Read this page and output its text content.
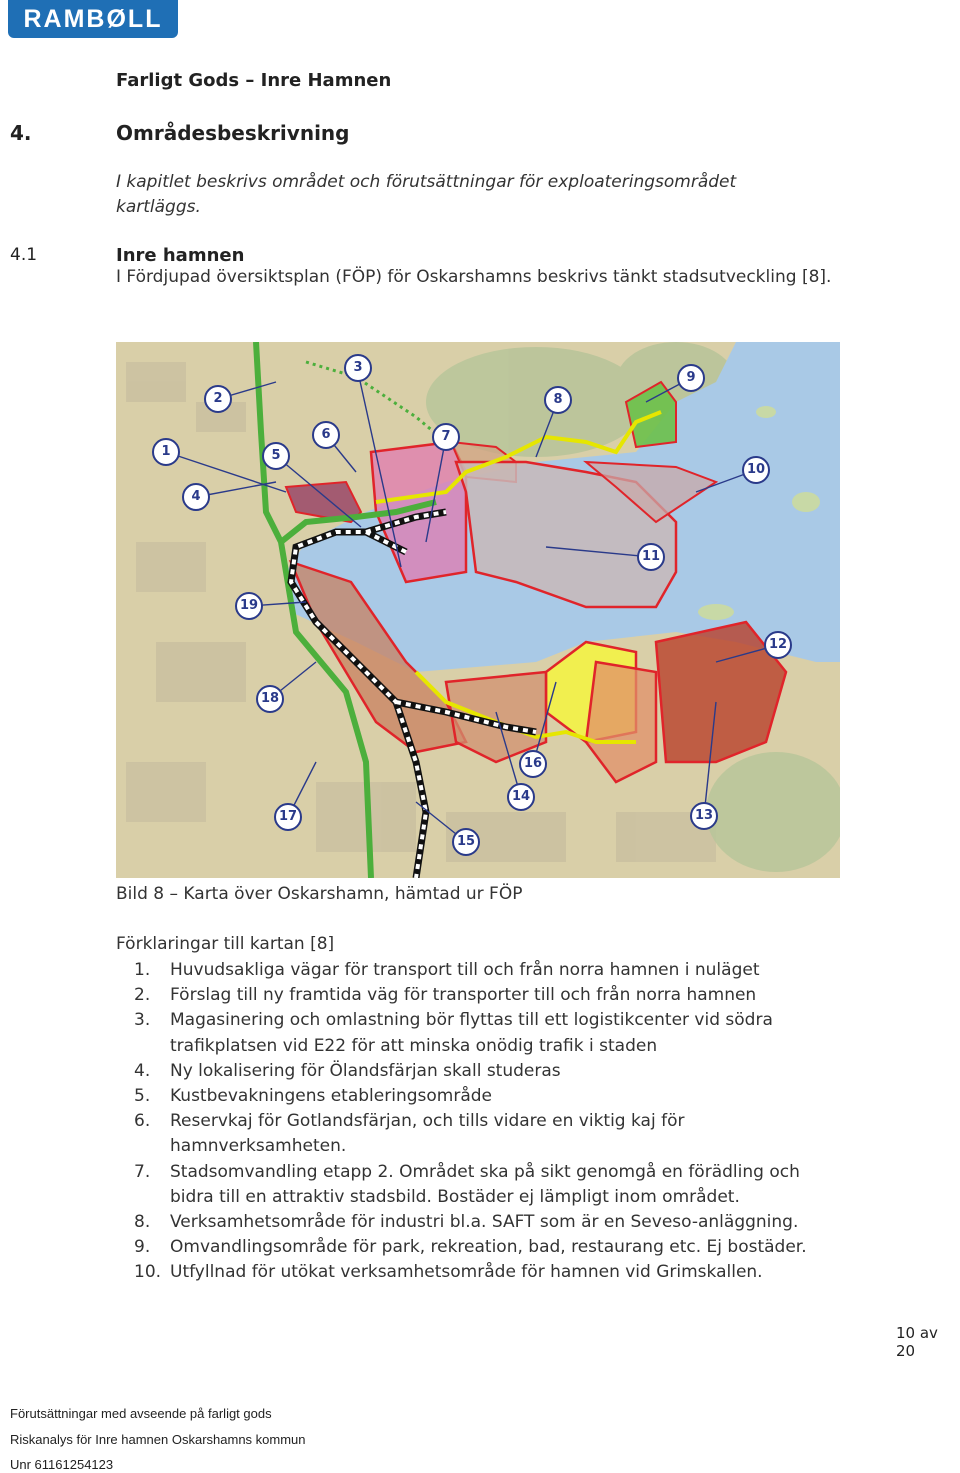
RAMBØLL
Farligt Gods – Inre Hamnen
4.	Områdesbeskrivning
I kapitlet beskrivs området och förutsättningar för exploateringsområdet kartläggs.
4.1	Inre hamnen
I Fördjupad översiktsplan (FÖP) för Oskarshamns beskrivs tänkt stadsutveckling [8].
1
2
3
4
5
6	7
8
9
10
11
12
13
14
15
16
17
18
19
Bild 8 – Karta över Oskarshamn, hämtad ur FÖP
Förklaringar till kartan [8]
1.	Huvudsakliga vägar för transport till och från norra hamnen i nuläget
2.	Förslag till ny framtida väg för transporter till och från norra hamnen
3.	Magasinering och omlastning bör flyttas till ett logistikcenter vid södra trafikplatsen vid E22 för att minska onödig trafik i staden
4.	Ny lokalisering för Ölandsfärjan skall studeras
5.	Kustbevakningens etableringsområde
6.	Reservkaj för Gotlandsfärjan, och tills vidare en viktig kaj för hamnverksamheten.
7.	Stadsomvandling etapp 2. Området ska på sikt genomgå en förädling och bidra till en attraktiv stadsbild. Bostäder ej lämpligt inom området.
8.	Verksamhetsområde för industri bl.a. SAFT som är en Seveso-anläggning.
9.	Omvandlingsområde för park, rekreation, bad, restaurang etc. Ej bostäder.
10. Utfyllnad för utökat verksamhetsområde för hamnen vid Grimskallen.
10 av 20
Förutsättningar med avseende på farligt gods
Riskanalys för Inre hamnen Oskarshamns kommun
Unr 61161254123
